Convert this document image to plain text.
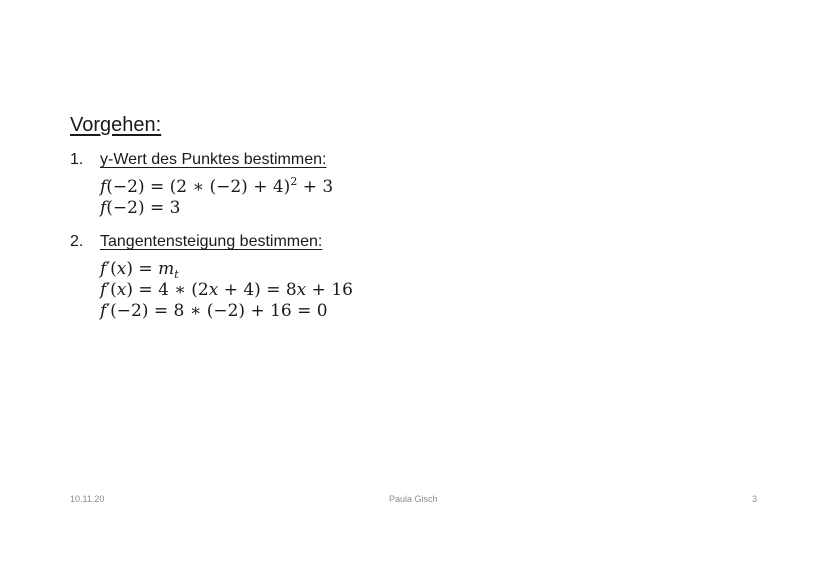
Vorgehen:
1. y-Wert des Punktes bestimmen:
f(−2) = (2 ∗ (−2) + 4)$^2$ + 3
f(−2) = 3
2. Tangentensteigung bestimmen:
$f'(x) = m_t$
f′(x) = 4 ∗ (2x + 4) = 8x + 16
f′(−2) = 8 ∗ (−2) + 16 = 0
10.11.20	Paula Gisch	3
